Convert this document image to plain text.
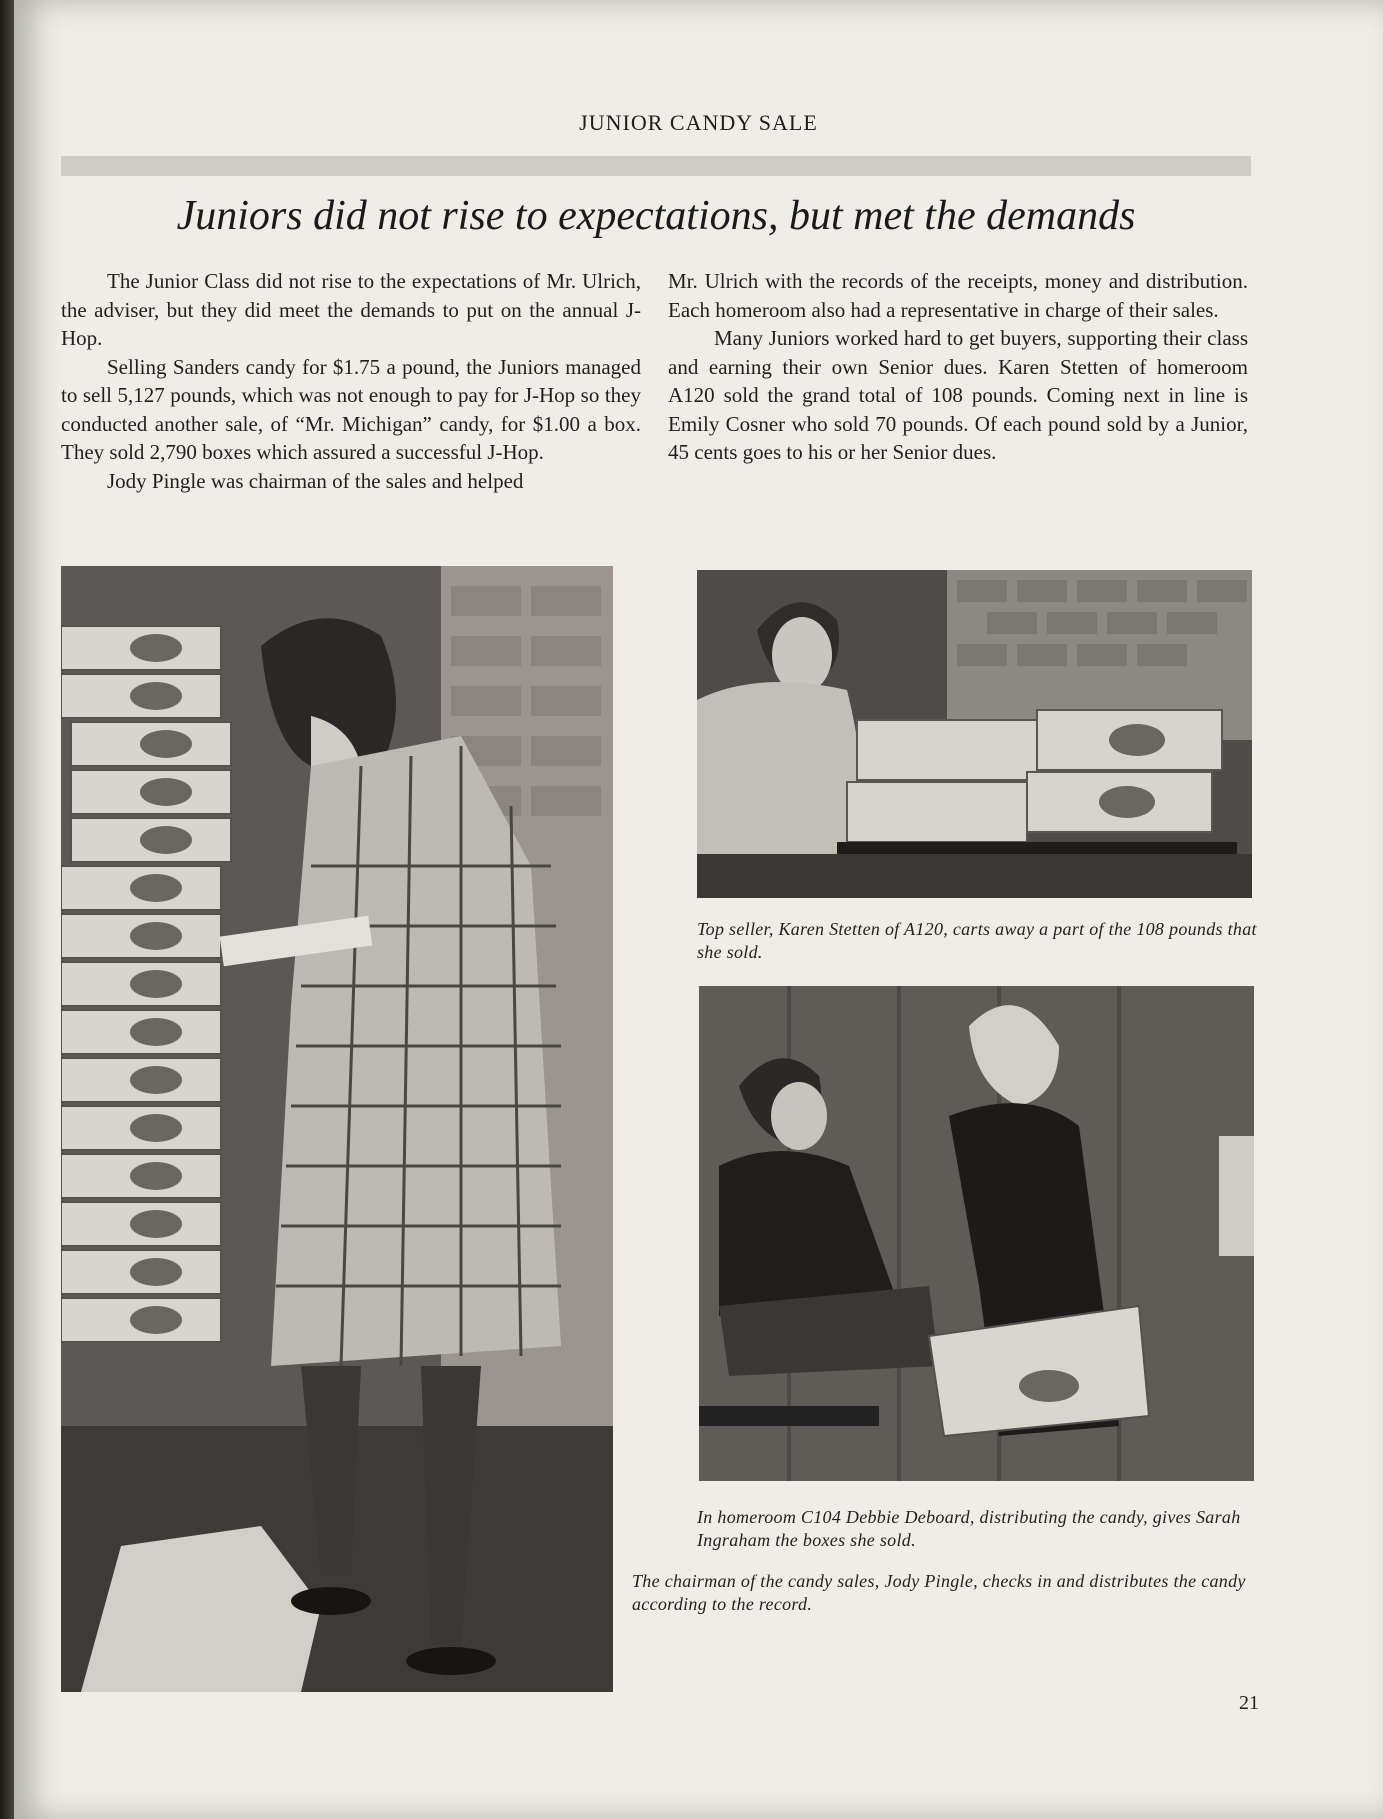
JUNIOR CANDY SALE
Juniors did not rise to expectations, but met the demands

The Junior Class did not rise to the expectations of Mr. Ulrich, the adviser, but they did meet the demands to put on the annual J-Hop.

Selling Sanders candy for $1.75 a pound, the Juniors managed to sell 5,127 pounds, which was not enough to pay for J-Hop so they conducted another sale, of “Mr. Michigan” candy, for $1.00 a box. They sold 2,790 boxes which assured a successful J-Hop.

Jody Pingle was chairman of the sales and helped

Mr. Ulrich with the records of the receipts, money and distribution. Each homeroom also had a representative in charge of their sales.

Many Juniors worked hard to get buyers, supporting their class and earning their own Senior dues. Karen Stetten of homeroom A120 sold the grand total of 108 pounds. Coming next in line is Emily Cosner who sold 70 pounds. Of each pound sold by a Junior, 45 cents goes to his or her Senior dues.

Top seller, Karen Stetten of A120, carts away a part of the 108 pounds that she sold.
In homeroom C104 Debbie Deboard, distributing the candy, gives Sarah Ingraham the boxes she sold.
The chairman of the candy sales, Jody Pingle, checks in and distributes the candy according to the record.
21
